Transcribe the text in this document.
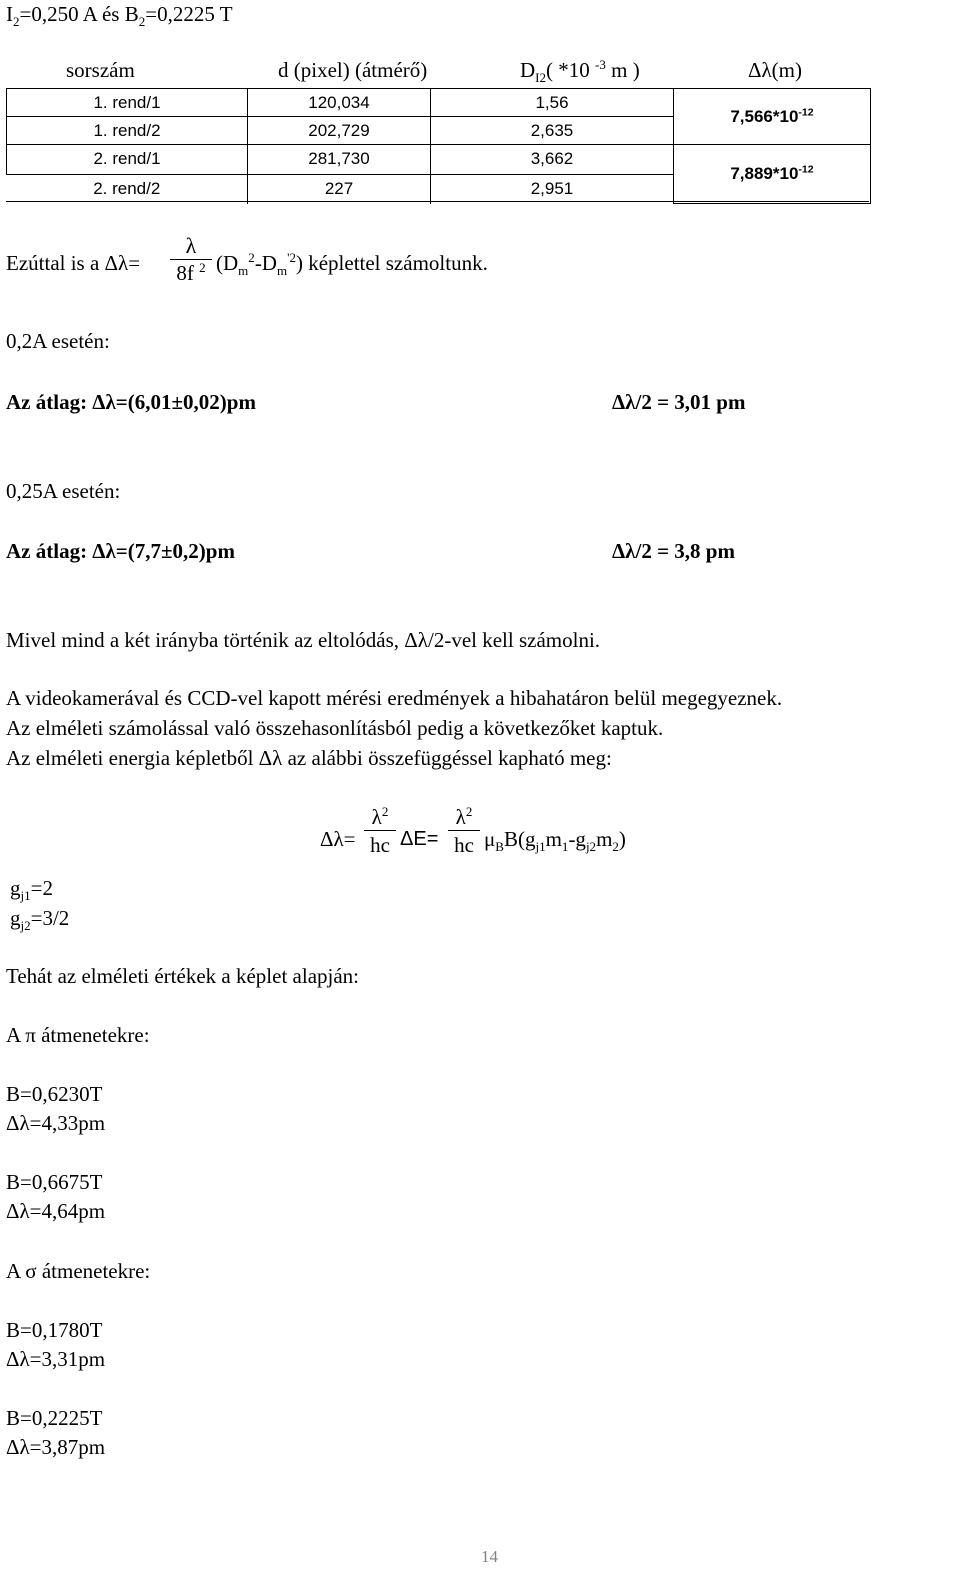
$I_2=0,250$ A és $B_2=0,2225$ T
sorszám	d (pixel) (átmérő)	$D_{I2}$( *10 $^{-3}$ m )	Δλ(m)
1. rend/1	120,034	1,56	$7,566*10^{-12}$
1. rend/2	202,729	2,635	
2. rend/1	281,730	3,662	$7,889*10^{-12}$
2. rend/2	227	2,951	
Ezúttal is a Δλ=
λ
8f $^2$ $(D_m^2-D_m^{'2})$ képlettel számoltunk.
0,2A esetén:
Az átlag: Δλ=(6,01±0,02)pm	Δλ/2 = 3,01 pm
0,25A esetén:
Az átlag: Δλ=(7,7±0,2)pm	Δλ/2 = 3,8 pm
Mivel mind a két irányba történik az eltolódás, Δλ/2-vel kell számolni.
A videokamerával és CCD-vel kapott mérési eredmények a hibahatáron belül megegyeznek.
Az elméleti számolással való összehasonlításból pedig a következőket kaptuk.
Az elméleti energia képletből Δλ az alábbi összefüggéssel kapható meg:
Δλ=
$\lambda^2$
hc ΔE=
$\lambda^2$
hc $\mu_BB(g_{j1}m_1-g_{j2}m_2)$
$g_{j1}=2$
$g_{j2}=3/2$
Tehát az elméleti értékek a képlet alapján:
A π átmenetekre:
B=0,6230T
Δλ=4,33pm
B=0,6675T
Δλ=4,64pm
A σ átmenetekre:
B=0,1780T
Δλ=3,31pm
B=0,2225T
Δλ=3,87pm
14
